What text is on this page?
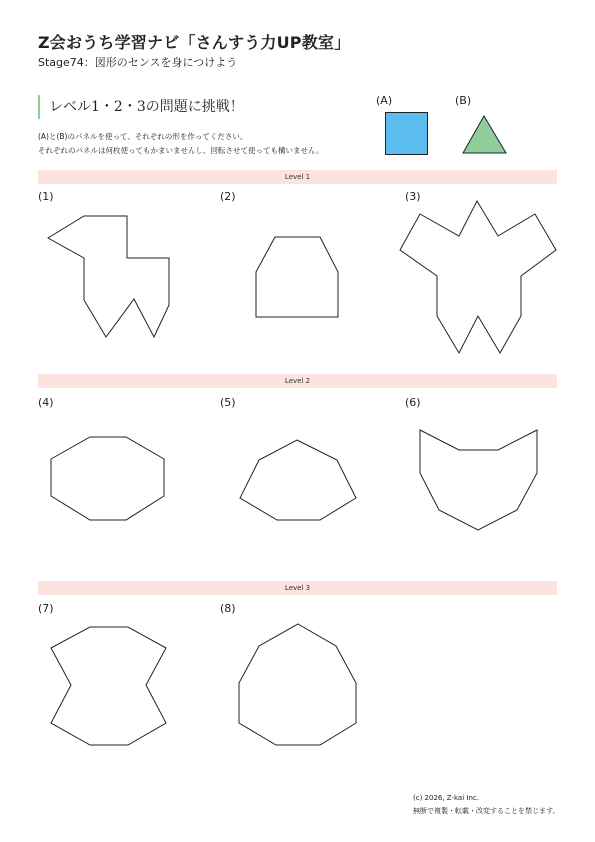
Z会おうち学習ナビ「さんすう力UP教室」
Stage74：図形のセンスを身につけよう
レベル1・2・3の問題に挑戦！
(A)と(B)のパネルを使って、それぞれの形を作ってください。
それぞれのパネルは何枚使ってもかまいませんし、回転させて使っても構いません。
(A)	(B)
Level 1
(1)	(2)	(3)
Level 2
(4)	(5)	(6)
Level 3
(7)	(8)
(c) 2026, Z-kai Inc.
無断で複製・転載・改変することを禁じます。
